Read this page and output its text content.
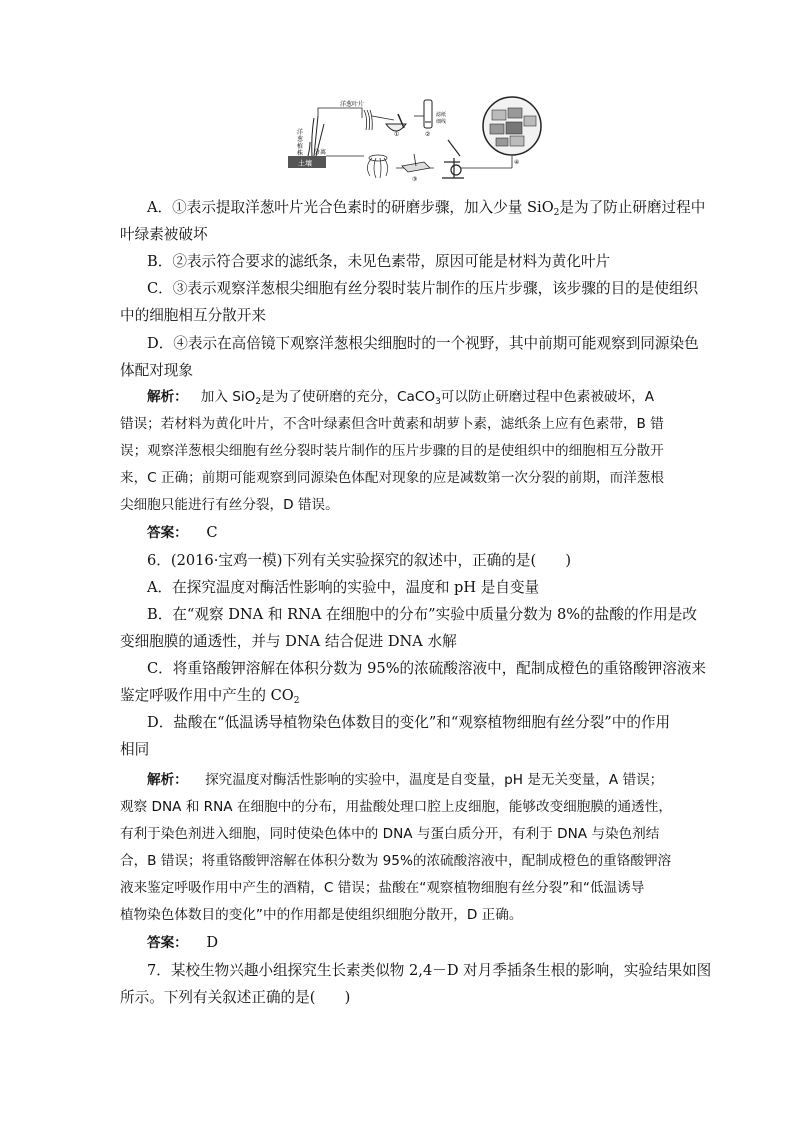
土壤
洋
葱
植
株
洋葱叶片
分离
①	②
滤纸
细线
③
④
A．①表示提取洋葱叶片光合色素时的研磨步骤，加入少量 SiO$_2$是为了防止研磨过程中
叶绿素被破坏
B．②表示符合要求的滤纸条，未见色素带，原因可能是材料为黄化叶片
C．③表示观察洋葱根尖细胞有丝分裂时装片制作的压片步骤，该步骤的目的是使组织
中的细胞相互分散开来
D．④表示在高倍镜下观察洋葱根尖细胞时的一个视野，其中前期可能观察到同源染色
体配对现象
解析： 加入 SiO$_2$是为了使研磨的充分，CaCO$_3$可以防止研磨过程中色素被破坏，A
错误；若材料为黄化叶片，不含叶绿素但含叶黄素和胡萝卜素，滤纸条上应有色素带，B 错
误；观察洋葱根尖细胞有丝分裂时装片制作的压片步骤的目的是使组织中的细胞相互分散开
来，C 正确；前期可能观察到同源染色体配对现象的应是减数第一次分裂的前期，而洋葱根
尖细胞只能进行有丝分裂，D 错误。
答案： C
6．(2016·宝鸡一模)下列有关实验探究的叙述中，正确的是(　　)
A．在探究温度对酶活性影响的实验中，温度和 pH 是自变量
B．在“观察 DNA 和 RNA 在细胞中的分布”实验中质量分数为 8%的盐酸的作用是改
变细胞膜的通透性，并与 DNA 结合促进 DNA 水解
C．将重铬酸钾溶解在体积分数为 95%的浓硫酸溶液中，配制成橙色的重铬酸钾溶液来
鉴定呼吸作用中产生的 $CO_2$
D．盐酸在“低温诱导植物染色体数目的变化”和“观察植物细胞有丝分裂”中的作用
相同
解析： 探究温度对酶活性影响的实验中，温度是自变量，pH 是无关变量，A 错误；
观察 DNA 和 RNA 在细胞中的分布，用盐酸处理口腔上皮细胞，能够改变细胞膜的通透性，
有利于染色剂进入细胞，同时使染色体中的 DNA 与蛋白质分开，有利于 DNA 与染色剂结
合，B 错误；将重铬酸钾溶解在体积分数为 95%的浓硫酸溶液中，配制成橙色的重铬酸钾溶
液来鉴定呼吸作用中产生的酒精，C 错误；盐酸在“观察植物细胞有丝分裂”和“低温诱导
植物染色体数目的变化”中的作用都是使组织细胞分散开，D 正确。
答案： D
7．某校生物兴趣小组探究生长素类似物 2,4－D 对月季插条生根的影响，实验结果如图
所示。下列有关叙述正确的是(　　)
